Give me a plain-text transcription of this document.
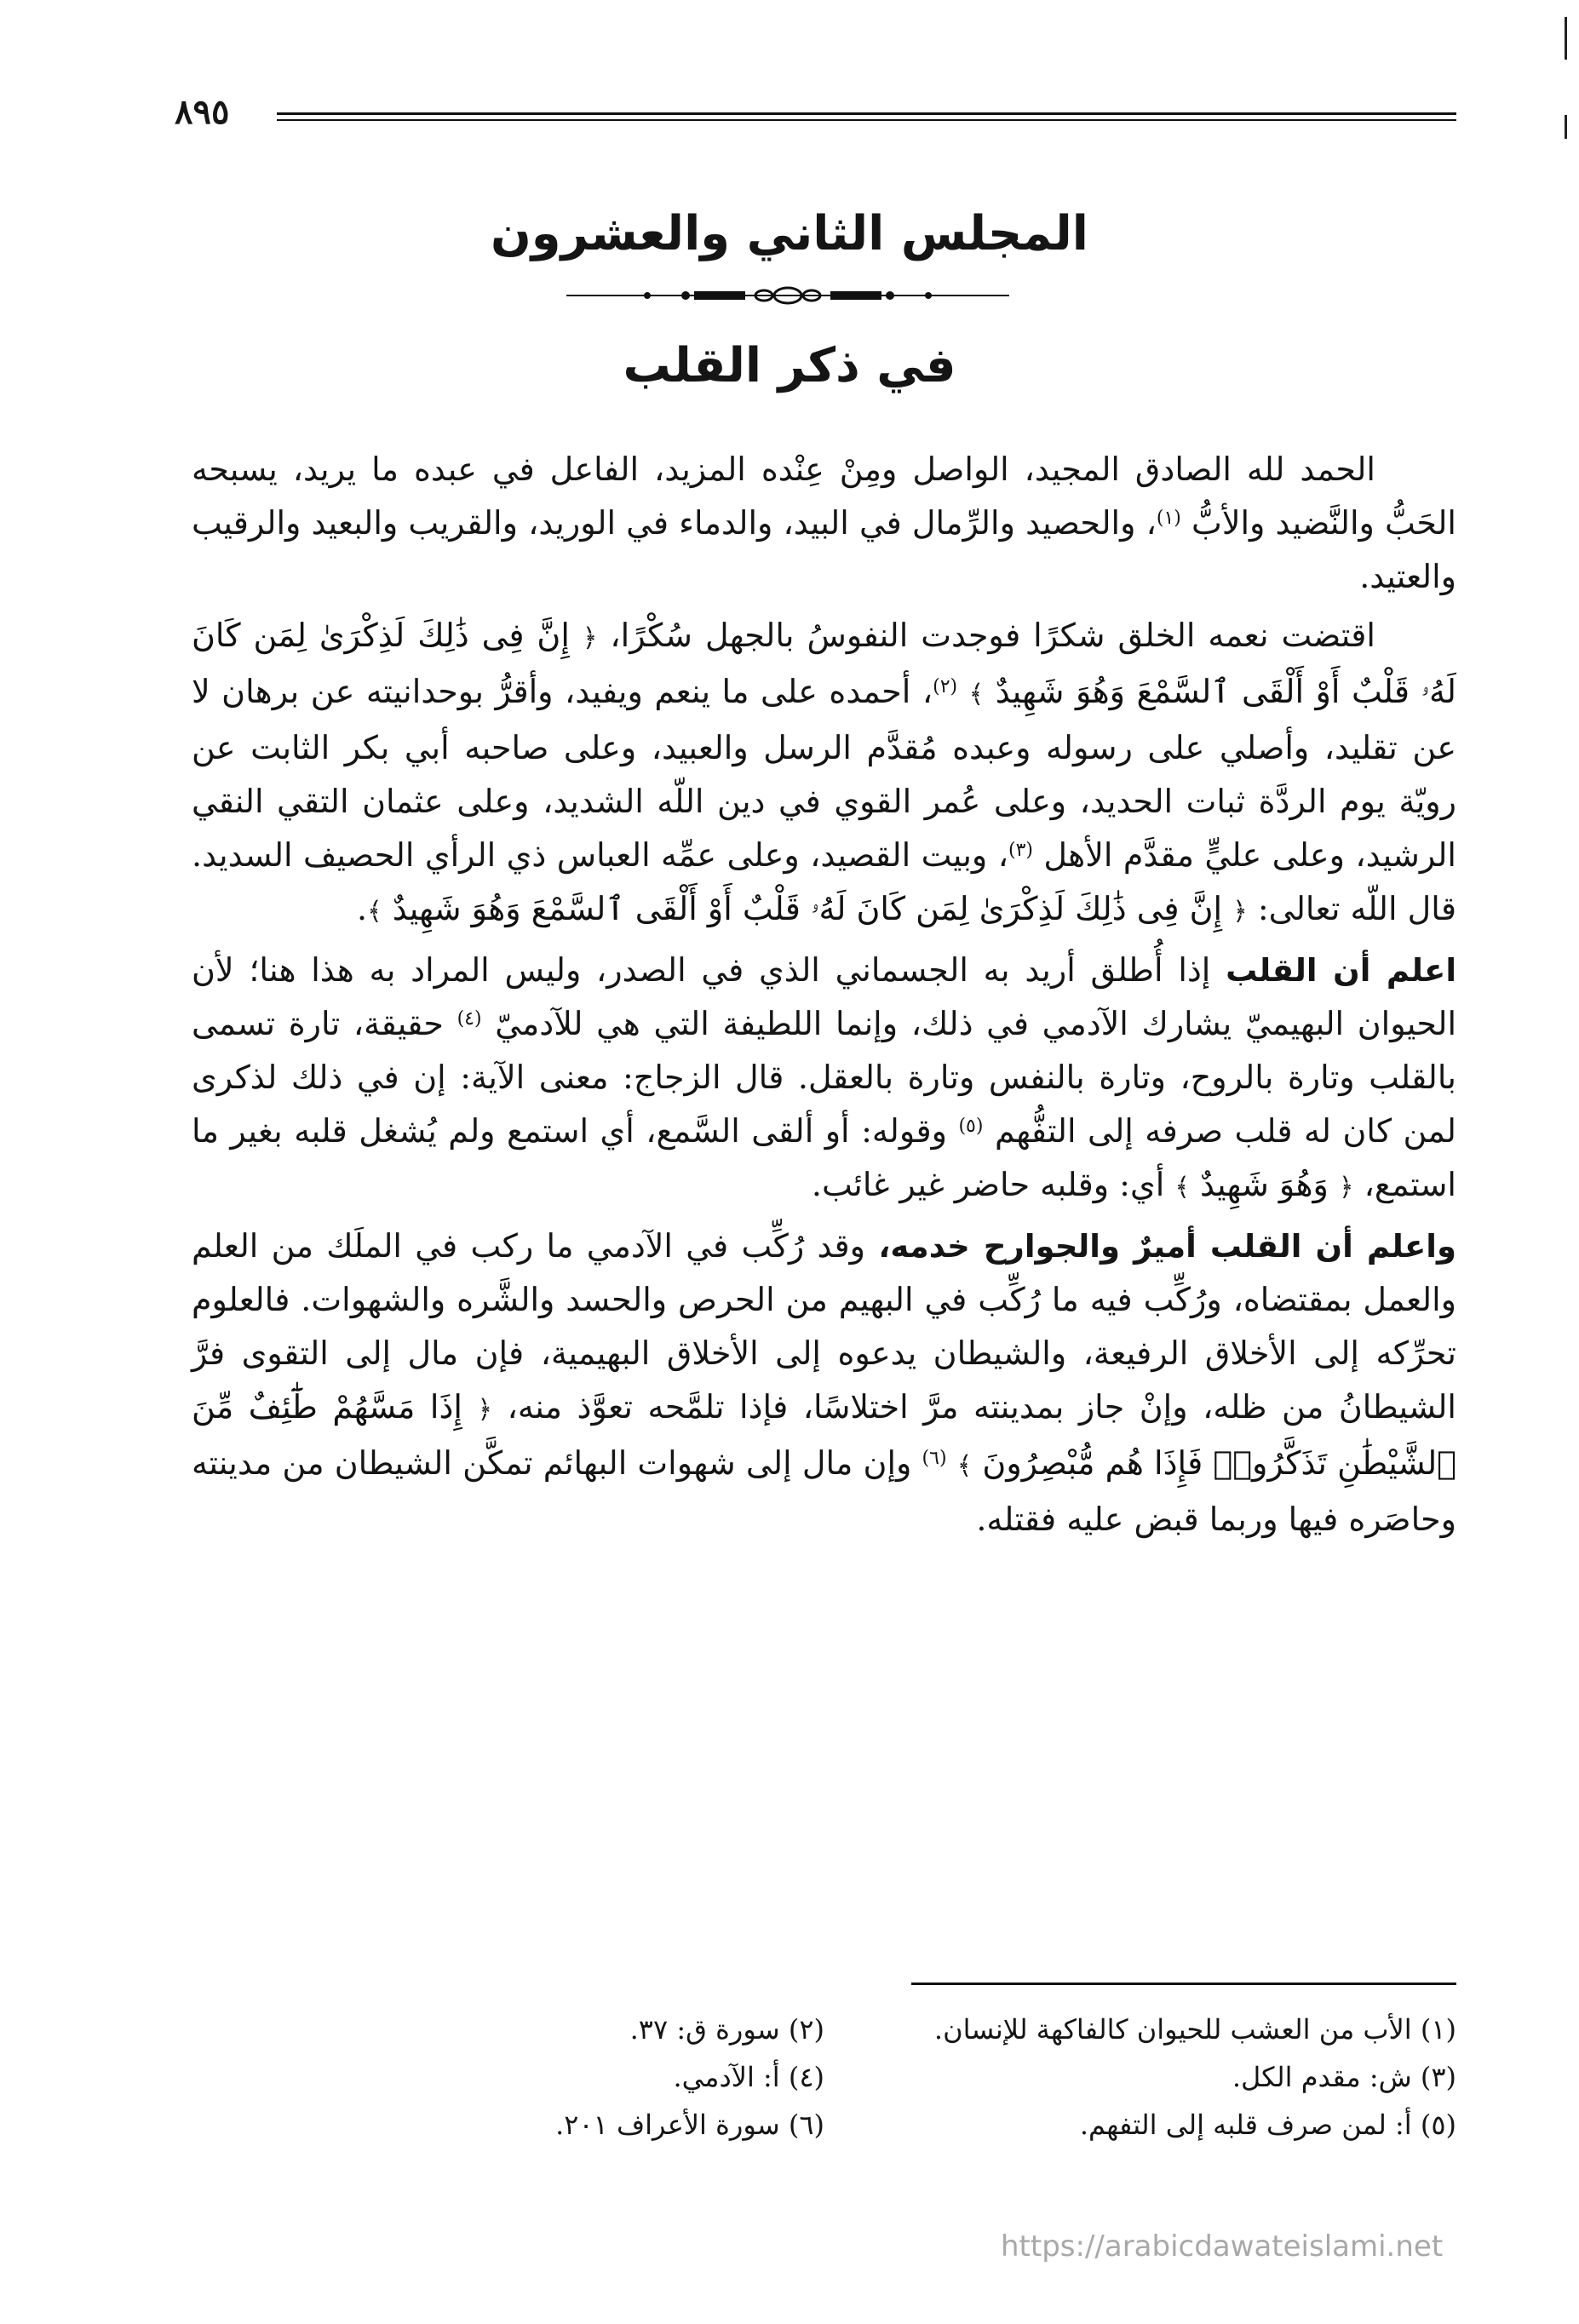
٨٩٥
المجلس الثاني والعشرون
في ذكر القلب

الحمد لله الصادق المجيد، الواصل ومِنْ عِنْده المزيد، الفاعل في عبده ما يريد، يسبحه الحَبُّ والنَّضيد والأبُّ $^{(١)}$، والحصيد والرِّمال في البيد، والدماء في الوريد، والقريب والبعيد والرقيب والعتيد.

اقتضت نعمه الخلق شكرًا فوجدت النفوسُ بالجهل سُكْرًا، ﴿ إِنَّ فِى ذَٰلِكَ لَذِكْرَىٰ لِمَن كَانَ لَهُۥ قَلْبٌ أَوْ أَلْقَى ٱلسَّمْعَ وَهُوَ شَهِيدٌ ﴾ $^{(٢)}$، أحمده على ما ينعم ويفيد، وأقرُّ بوحدانيته عن برهان لا عن تقليد، وأصلي على رسوله وعبده مُقدَّم الرسل والعبيد، وعلى صاحبه أبي بكر الثابت عن رويّة يوم الردَّة ثبات الحديد، وعلى عُمر القوي في دين اللّه الشديد، وعلى عثمان التقي النقي الرشيد، وعلى عليٍّ مقدَّم الأهل $^{(٣)}$، وبيت القصيد، وعلى عمِّه العباس ذي الرأي الحصيف السديد. قال اللّه تعالى: ﴿ إِنَّ فِى ذَٰلِكَ لَذِكْرَىٰ لِمَن كَانَ لَهُۥ قَلْبٌ أَوْ أَلْقَى ٱلسَّمْعَ وَهُوَ شَهِيدٌ ﴾.

اعلم أن القلب إذا أُطلق أريد به الجسماني الذي في الصدر، وليس المراد به هذا هنا؛ لأن الحيوان البهيميّ يشارك الآدمي في ذلك، وإنما اللطيفة التي هي للآدميّ $^{(٤)}$ حقيقة، تارة تسمى بالقلب وتارة بالروح، وتارة بالنفس وتارة بالعقل. قال الزجاج: معنى الآية: إن في ذلك لذكرى لمن كان له قلب صرفه إلى التفُّهم $^{(٥)}$ وقوله: أو ألقى السَّمع، أي استمع ولم يُشغل قلبه بغير ما استمع، ﴿ وَهُوَ شَهِيدٌ ﴾ أي: وقلبه حاضر غير غائب.

واعلم أن القلب أميرٌ والجوارح خدمه، وقد رُكِّب في الآدمي ما ركب في الملَك من العلم والعمل بمقتضاه، ورُكِّب فيه ما رُكِّب في البهيم من الحرص والحسد والشَّره والشهوات. فالعلوم تحرِّكه إلى الأخلاق الرفيعة، والشيطان يدعوه إلى الأخلاق البهيمية، فإن مال إلى التقوى فرَّ الشيطانُ من ظله، وإنْ جاز بمدينته مرَّ اختلاسًا، فإذا تلمَّحه تعوَّذ منه، ﴿ إِذَا مَسَّهُمْ طَٰٓئِفٌ مِّنَ ٱلشَّيْطَٰنِ تَذَكَّرُوا۟ فَإِذَا هُم مُّبْصِرُونَ ﴾ $^{(٦)}$ وإن مال إلى شهوات البهائم تمكَّن الشيطان من مدينته وحاصَره فيها وربما قبض عليه فقتله.

(١) الأب من العشب للحيوان كالفاكهة للإنسان.
(٢) سورة ق: ٣٧.
(٣) ش: مقدم الكل.
(٤) أ: الآدمي.
(٥) أ: لمن صرف قلبه إلى التفهم.
(٦) سورة الأعراف ٢٠١.
https://arabicdawateislami.net
